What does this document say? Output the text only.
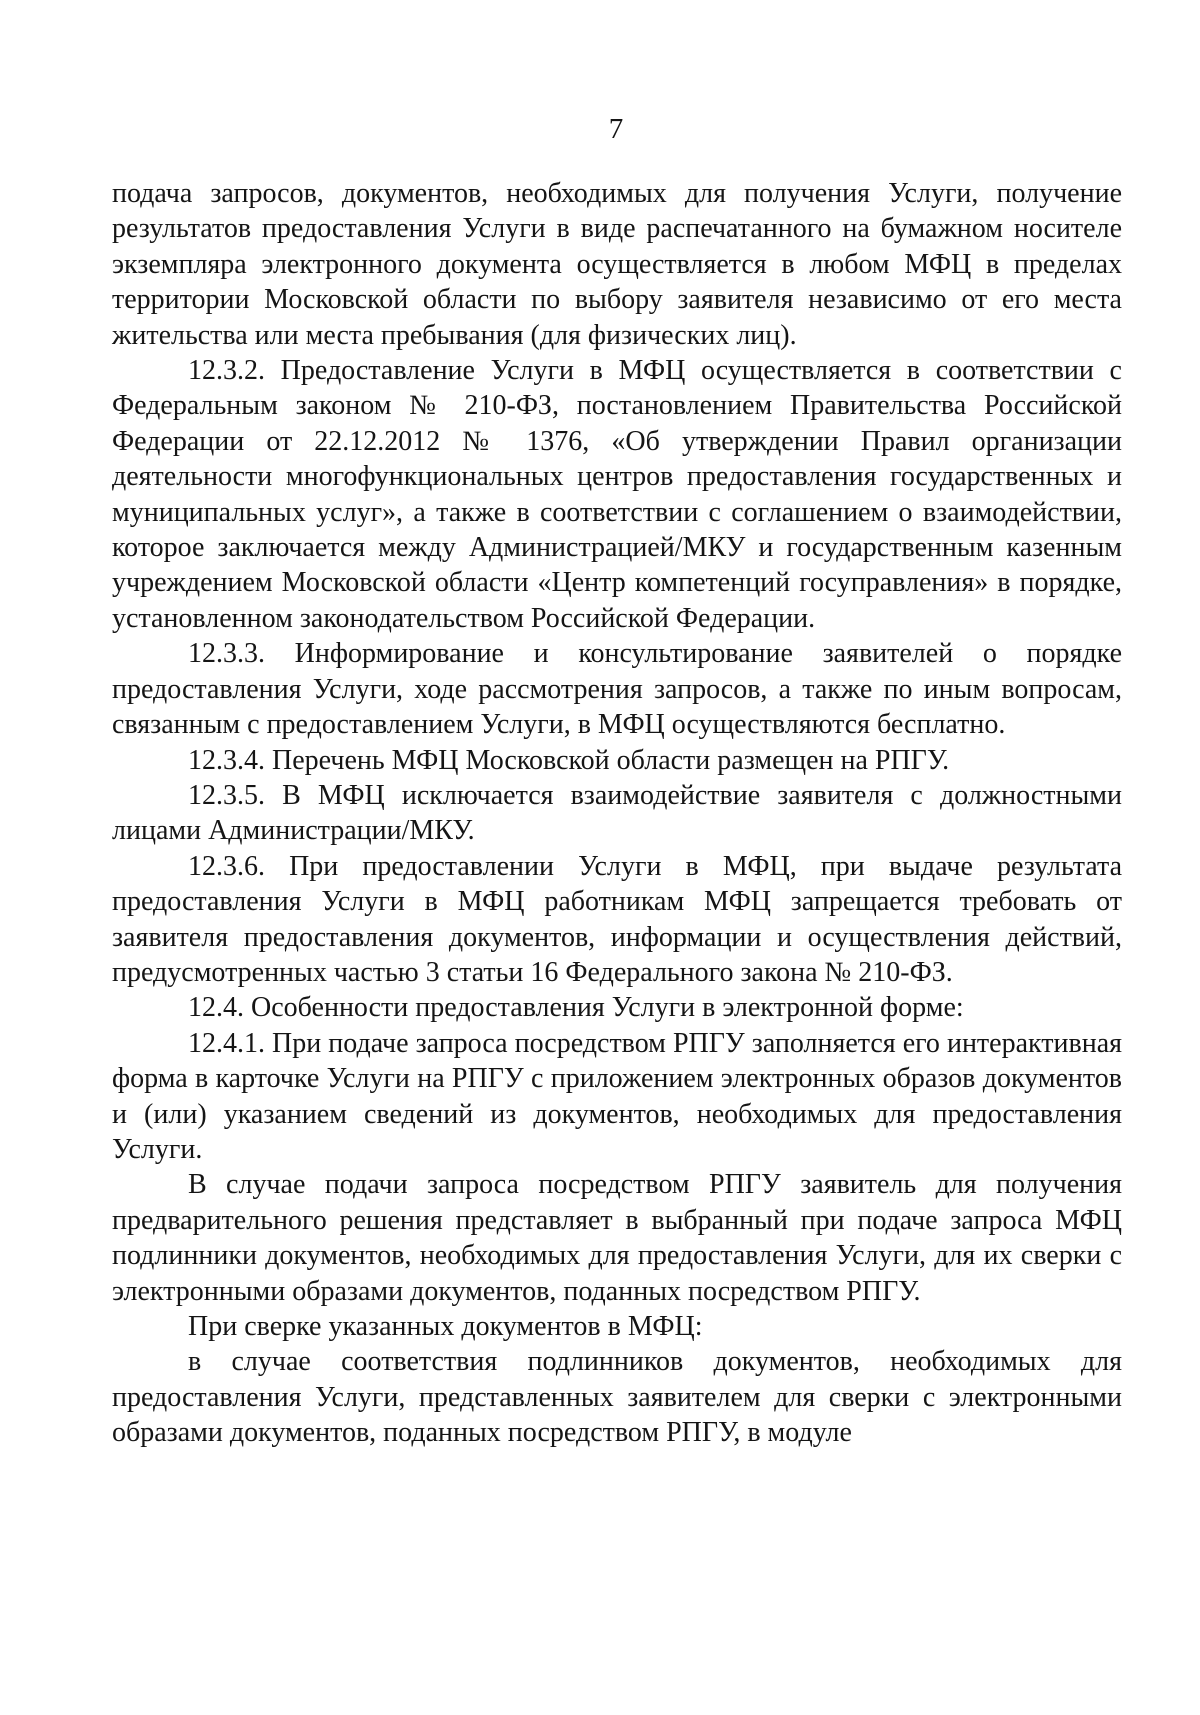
7

подача запросов, документов, необходимых для получения Услуги, получение результатов предоставления Услуги в виде распечатанного на бумажном носителе экземпляра электронного документа осуществляется в любом МФЦ в пределах территории Московской области по выбору заявителя независимо от его места жительства или места пребывания (для физических лиц).

12.3.2. Предоставление Услуги в МФЦ осуществляется в соответствии с Федеральным законом № 210-ФЗ, постановлением Правительства Российской Федерации от 22.12.2012 № 1376, «Об утверждении Правил организации деятельности многофункциональных центров предоставления государственных и муниципальных услуг», а также в соответствии с соглашением о взаимодействии, которое заключается между Администрацией/МКУ и государственным казенным учреждением Московской области «Центр компетенций госуправления» в порядке, установленном законодательством Российской Федерации.

12.3.3. Информирование и консультирование заявителей о порядке предоставления Услуги, ходе рассмотрения запросов, а также по иным вопросам, связанным с предоставлением Услуги, в МФЦ осуществляются бесплатно.

12.3.4. Перечень МФЦ Московской области размещен на РПГУ.

12.3.5. В МФЦ исключается взаимодействие заявителя с должностными лицами Администрации/МКУ.

12.3.6. При предоставлении Услуги в МФЦ, при выдаче результата предоставления Услуги в МФЦ работникам МФЦ запрещается требовать от заявителя предоставления документов, информации и осуществления действий, предусмотренных частью 3 статьи 16 Федерального закона № 210-ФЗ.

12.4. Особенности предоставления Услуги в электронной форме:

12.4.1. При подаче запроса посредством РПГУ заполняется его интерактивная форма в карточке Услуги на РПГУ с приложением электронных образов документов и (или) указанием сведений из документов, необходимых для предоставления Услуги.

В случае подачи запроса посредством РПГУ заявитель для получения предварительного решения представляет в выбранный при подаче запроса МФЦ подлинники документов, необходимых для предоставления Услуги, для их сверки с электронными образами документов, поданных посредством РПГУ.

При сверке указанных документов в МФЦ:

в случае соответствия подлинников документов, необходимых для предоставления Услуги, представленных заявителем для сверки с электронными образами документов, поданных посредством РПГУ, в модуле
